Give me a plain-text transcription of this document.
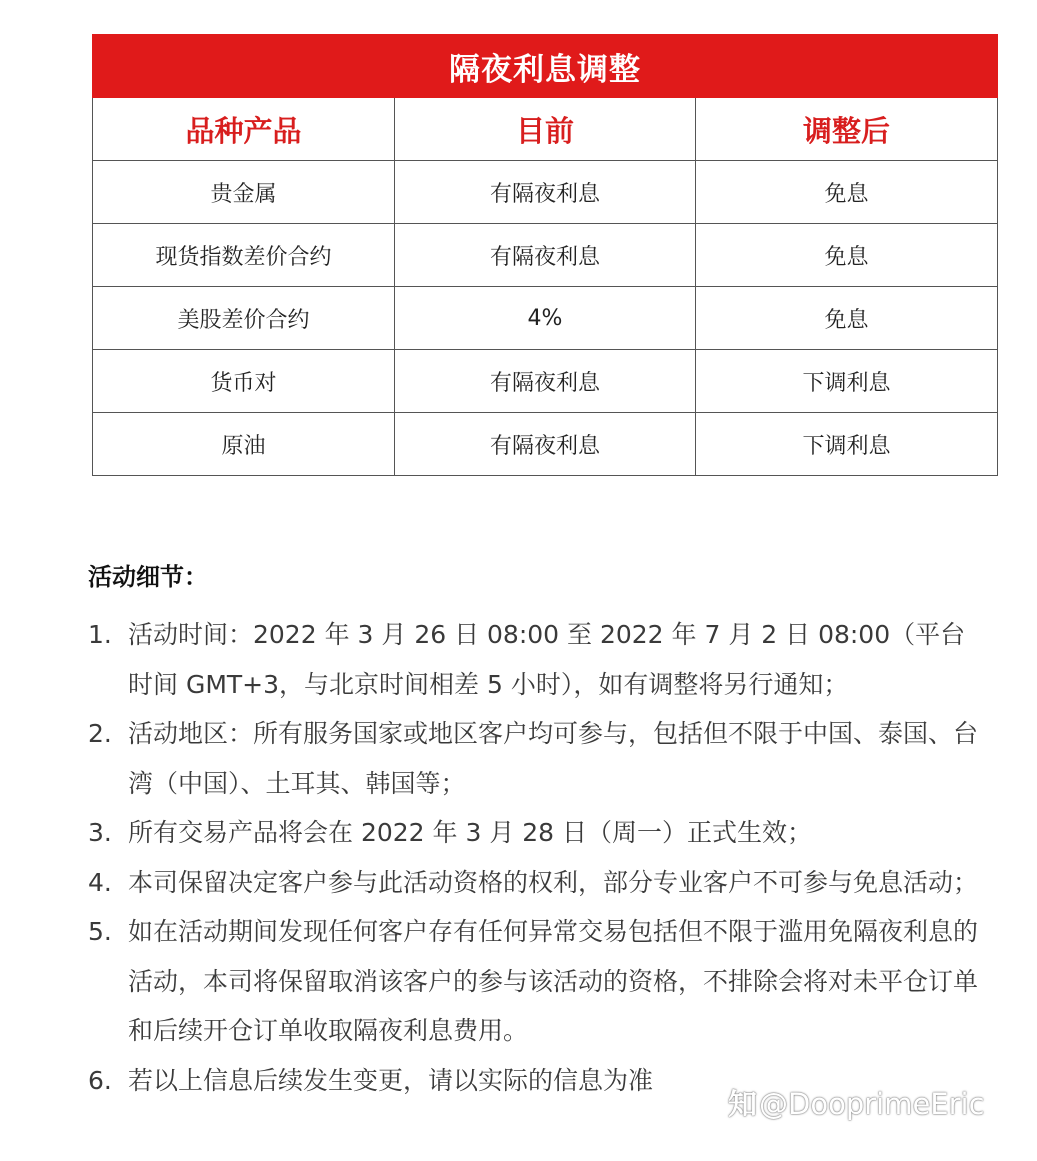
隔夜利息调整		
品种产品	目前	调整后
贵金属	有隔夜利息	免息
现货指数差价合约	有隔夜利息	免息
美股差价合约	4%	免息
货币对	有隔夜利息	下调利息
原油	有隔夜利息	下调利息
活动细节：
1. 活动时间：2022 年 3 月 26 日 08:00 至 2022 年 7 月 2 日 08:00（平台时间 GMT+3，与北京时间相差 5 小时），如有调整将另行通知；
2. 活动地区：所有服务国家或地区客户均可参与，包括但不限于中国、泰国、台湾（中国）、土耳其、韩国等；
3. 所有交易产品将会在 2022 年 3 月 28 日（周一）正式生效；
4. 本司保留决定客户参与此活动资格的权利，部分专业客户不可参与免息活动；
5. 如在活动期间发现任何客户存有任何异常交易包括但不限于滥用免隔夜利息的活动，本司将保留取消该客户的参与该活动的资格，不排除会将对未平仓订单和后续开仓订单收取隔夜利息费用。
6. 若以上信息后续发生变更，请以实际的信息为准
知@DooprimeEric
